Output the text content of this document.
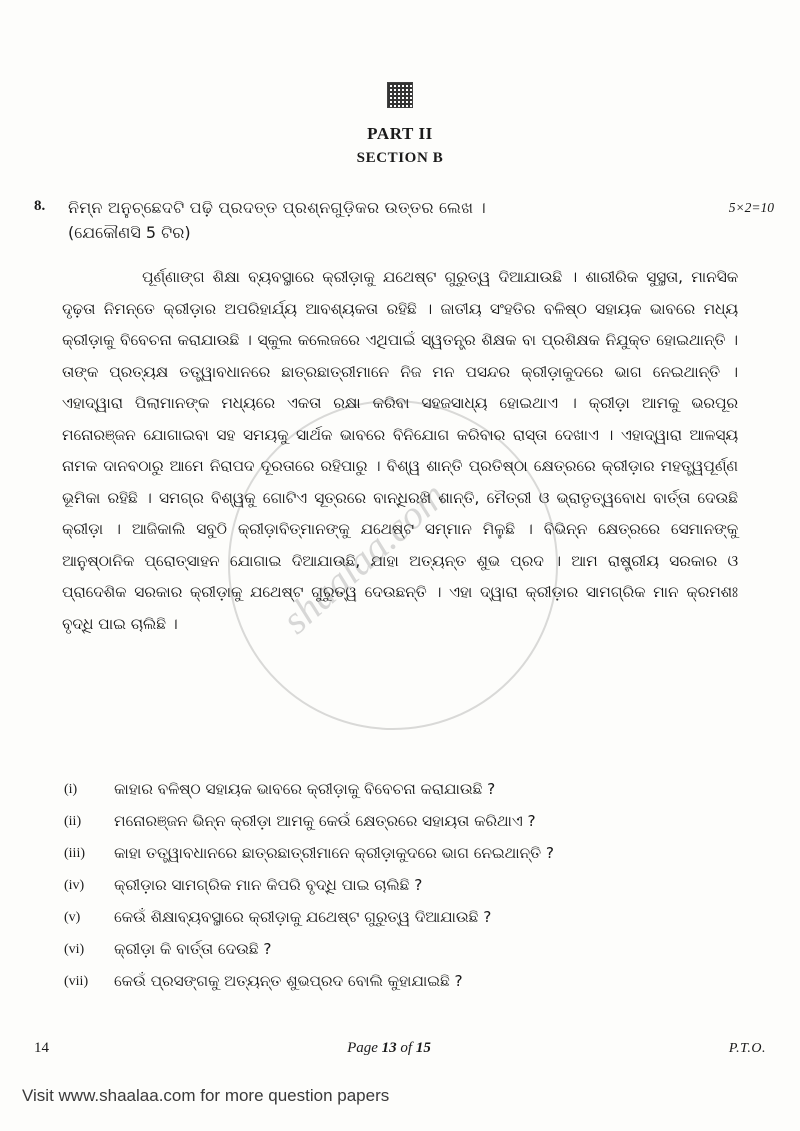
shaalaa.com
PART II
SECTION B
8.	ନିମ୍ନ ଅନୁଚ୍ଛେଦଟି ପଢ଼ି ପ୍ରଦତ୍ତ ପ୍ରଶ୍ନଗୁଡ଼ିକର ଉତ୍ତର ଲେଖ ।	5×2=10
(ଯେକୌଣସି 5 ଟିର)

ପୂର୍ଣ୍ଣାଙ୍ଗ ଶିକ୍ଷା ବ୍ୟବସ୍ଥାରେ କ୍ରୀଡ଼ାକୁ ଯଥେଷ୍ଟ ଗୁରୁତ୍ୱ ଦିଆଯାଉଛି । ଶାରୀରିକ ସୁସ୍ଥତା, ମାନସିକ ଦୃଢ଼ତା ନିମନ୍ତେ କ୍ରୀଡ଼ାର ଅପରିହାର୍ଯ୍ୟ ଆବଶ୍ୟକତା ରହିଛି । ଜାତୀୟ ସଂହତିର ବଳିଷ୍ଠ ସହାୟକ ଭାବରେ ମଧ୍ୟ କ୍ରୀଡ଼ାକୁ ବିବେଚନା କରାଯାଉଛି । ସ୍କୁଲ କଲେଜରେ ଏଥିପାଇଁ ସ୍ୱତନ୍ତ୍ର ଶିକ୍ଷକ ବା ପ୍ରଶିକ୍ଷକ ନିଯୁକ୍ତ ହୋଇଥାନ୍ତି । ତାଙ୍କ ପ୍ରତ୍ୟକ୍ଷ ତତ୍ତ୍ୱାବଧାନରେ ଛାତ୍ରଛାତ୍ରୀମାନେ ନିଜ ମନ ପସନ୍ଦର କ୍ରୀଡ଼ାକୁଦରେ ଭାଗ ନେଇଥାନ୍ତି । ଏହାଦ୍ୱାରା ପିଲାମାନଙ୍କ ମଧ୍ୟରେ ଏକତା ରକ୍ଷା କରିବା ସହଜସାଧ୍ୟ ହୋଇଥାଏ । କ୍ରୀଡ଼ା ଆମକୁ ଭରପୂର ମନୋରଞ୍ଜନ ଯୋଗାଇବା ସହ ସମୟକୁ ସାର୍ଥକ ଭାବରେ ବିନିଯୋଗ କରିବାର ରାସ୍ତା ଦେଖାଏ । ଏହାଦ୍ୱାରା ଆଳସ୍ୟ ନାମକ ଦାନବଠାରୁ ଆମେ ନିରାପଦ ଦୂରତାରେ ରହିପାରୁ । ବିଶ୍ୱ ଶାନ୍ତି ପ୍ରତିଷ୍ଠା କ୍ଷେତ୍ରରେ କ୍ରୀଡ଼ାର ମହତ୍ତ୍ୱପୂର୍ଣ୍ଣ ଭୂମିକା ରହିଛି । ସମଗ୍ର ବିଶ୍ୱକୁ ଗୋଟିଏ ସୂତ୍ରରେ ବାନ୍ଧିରଖି ଶାନ୍ତି, ମୈତ୍ରୀ ଓ ଭ୍ରାତୃତ୍ୱବୋଧ ବାର୍ତ୍ତା ଦେଉଛି କ୍ରୀଡ଼ା । ଆଜିକାଲି ସବୁଠି କ୍ରୀଡ଼ାବିତ୍‌ମାନଙ୍କୁ ଯଥେଷ୍ଟ ସମ୍ମାନ ମିଳୁଛି । ବିଭିନ୍ନ କ୍ଷେତ୍ରରେ ସେମାନଙ୍କୁ ଆନୁଷ୍ଠାନିକ ପ୍ରୋତ୍ସାହନ ଯୋଗାଇ ଦିଆଯାଉଛି, ଯାହା ଅତ୍ୟନ୍ତ ଶୁଭ ପ୍ରଦ । ଆମ ରାଷ୍ଟ୍ରୀୟ ସରକାର ଓ ପ୍ରାଦେଶିକ ସରକାର କ୍ରୀଡ଼ାକୁ ଯଥେଷ୍ଟ ଗୁରୁତ୍ୱ ଦେଉଛନ୍ତି । ଏହା ଦ୍ୱାରା କ୍ରୀଡ଼ାର ସାମଗ୍ରିକ ମାନ କ୍ରମଶଃ ବୃଦ୍ଧି ପାଇ ଚାଲିଛି ।

(i)	କାହାର ବଳିଷ୍ଠ ସହାୟକ ଭାବରେ କ୍ରୀଡ଼ାକୁ ବିବେଚନା କରାଯାଉଛି ?
(ii)	ମନୋରଞ୍ଜନ ଭିନ୍ନ କ୍ରୀଡ଼ା ଆମକୁ କେଉଁ କ୍ଷେତ୍ରରେ ସହାୟତା କରିଥାଏ ?
(iii)	କାହା ତତ୍ତ୍ୱାବଧାନରେ ଛାତ୍ରଛାତ୍ରୀମାନେ କ୍ରୀଡ଼ାକୁଦରେ ଭାଗ ନେଇଥାନ୍ତି ?
(iv)	କ୍ରୀଡ଼ାର ସାମଗ୍ରିକ ମାନ କିପରି ବୃଦ୍ଧି ପାଇ ଚାଲିଛି ?
(v)	କେଉଁ ଶିକ୍ଷାବ୍ୟବସ୍ଥାରେ କ୍ରୀଡ଼ାକୁ ଯଥେଷ୍ଟ ଗୁରୁତ୍ୱ ଦିଆଯାଉଛି ?
(vi)	କ୍ରୀଡ଼ା କି ବାର୍ତ୍ତା ଦେଉଛି ?
(vii)	କେଉଁ ପ୍ରସଙ୍ଗକୁ ଅତ୍ୟନ୍ତ ଶୁଭପ୍ରଦ ବୋଲି କୁହାଯାଇଛି ?
14	Page 13 of 15	P.T.O.
Visit www.shaalaa.com for more question papers
